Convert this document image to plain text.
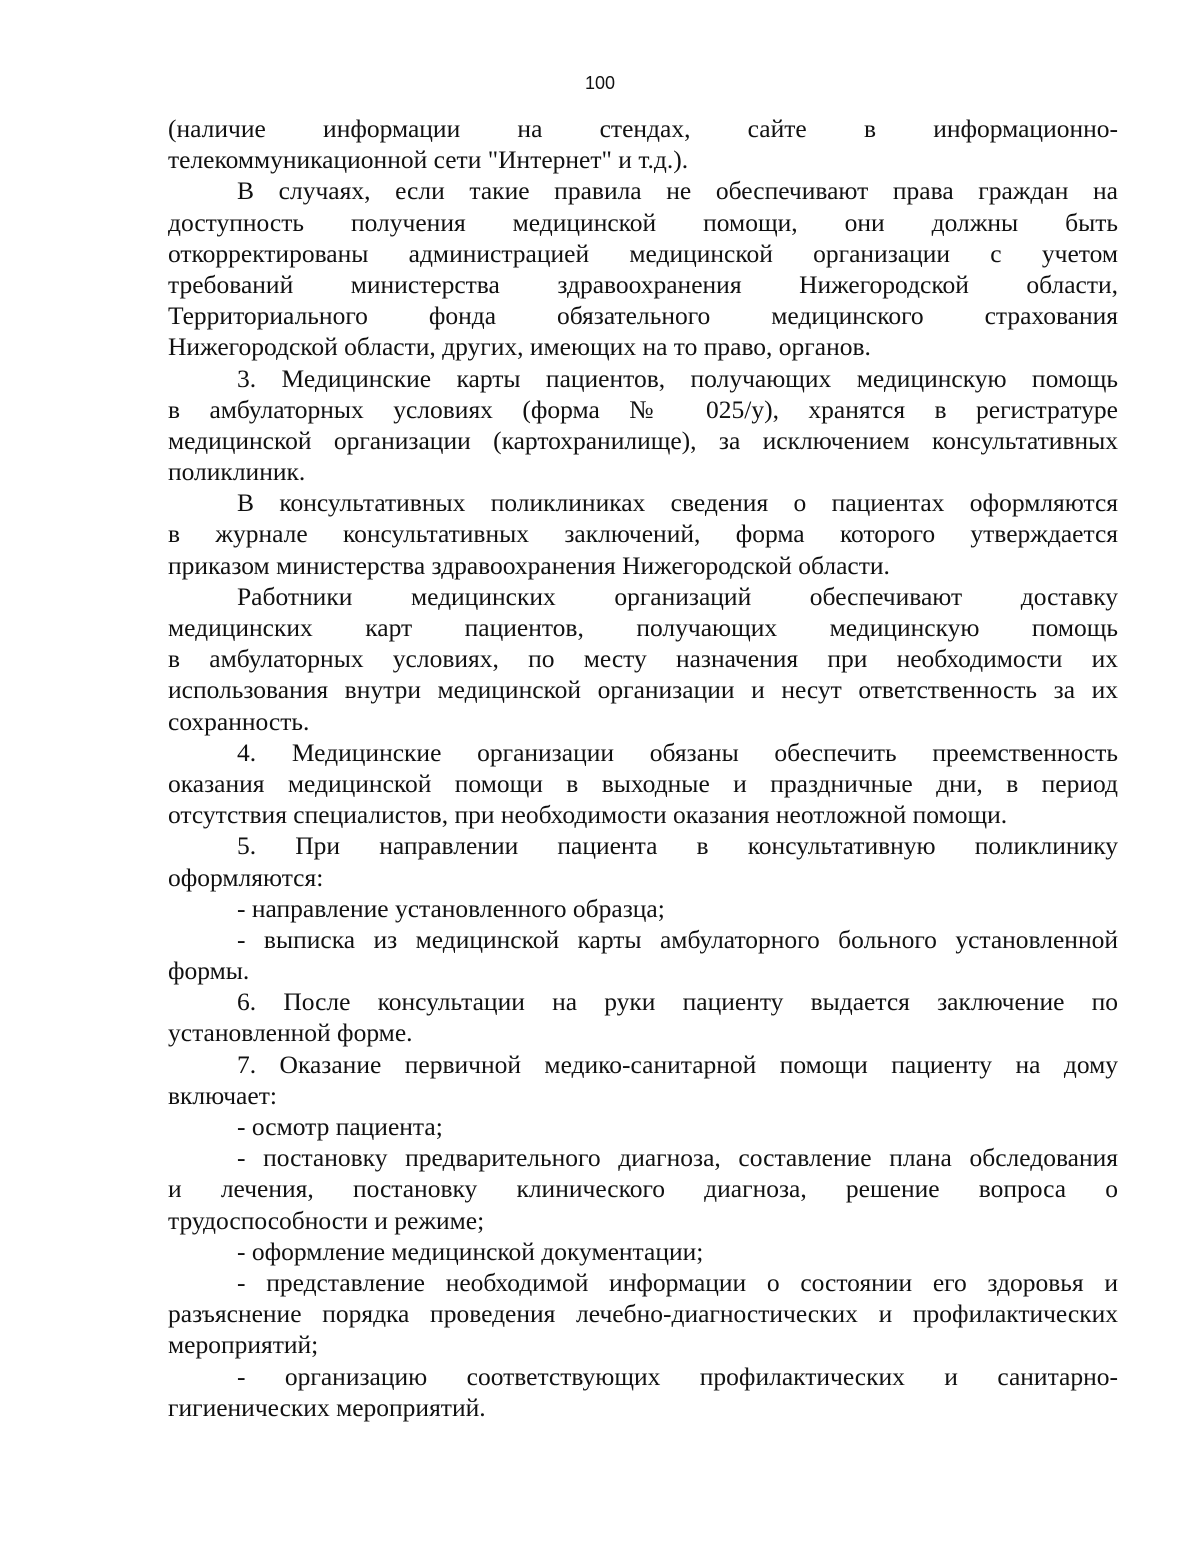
100
(наличие информации на стендах, сайте в информационно-
телекоммуникационной сети "Интернет" и т.д.).
В случаях, если такие правила не обеспечивают права граждан на
доступность получения медицинской помощи, они должны быть
откорректированы администрацией медицинской организации с учетом
требований министерства здравоохранения Нижегородской области,
Территориального фонда обязательного медицинского страхования
Нижегородской области, других, имеющих на то право, органов.
3. Медицинские карты пациентов, получающих медицинскую помощь
в амбулаторных условиях (форма № 025/у), хранятся в регистратуре
медицинской организации (картохранилище), за исключением консультативных
поликлиник.
В консультативных поликлиниках сведения о пациентах оформляются
в журнале консультативных заключений, форма которого утверждается
приказом министерства здравоохранения Нижегородской области.
Работники медицинских организаций обеспечивают доставку
медицинских карт пациентов, получающих медицинскую помощь
в амбулаторных условиях, по месту назначения при необходимости их
использования внутри медицинской организации и несут ответственность за их
сохранность.
4. Медицинские организации обязаны обеспечить преемственность
оказания медицинской помощи в выходные и праздничные дни, в период
отсутствия специалистов, при необходимости оказания неотложной помощи.
5. При направлении пациента в консультативную поликлинику
оформляются:
- направление установленного образца;
- выписка из медицинской карты амбулаторного больного установленной
формы.
6. После консультации на руки пациенту выдается заключение по
установленной форме.
7. Оказание первичной медико-санитарной помощи пациенту на дому
включает:
- осмотр пациента;
- постановку предварительного диагноза, составление плана обследования
и лечения, постановку клинического диагноза, решение вопроса о
трудоспособности и режиме;
- оформление медицинской документации;
- представление необходимой информации о состоянии его здоровья и
разъяснение порядка проведения лечебно-диагностических и профилактических
мероприятий;
- организацию соответствующих профилактических и санитарно-
гигиенических мероприятий.
